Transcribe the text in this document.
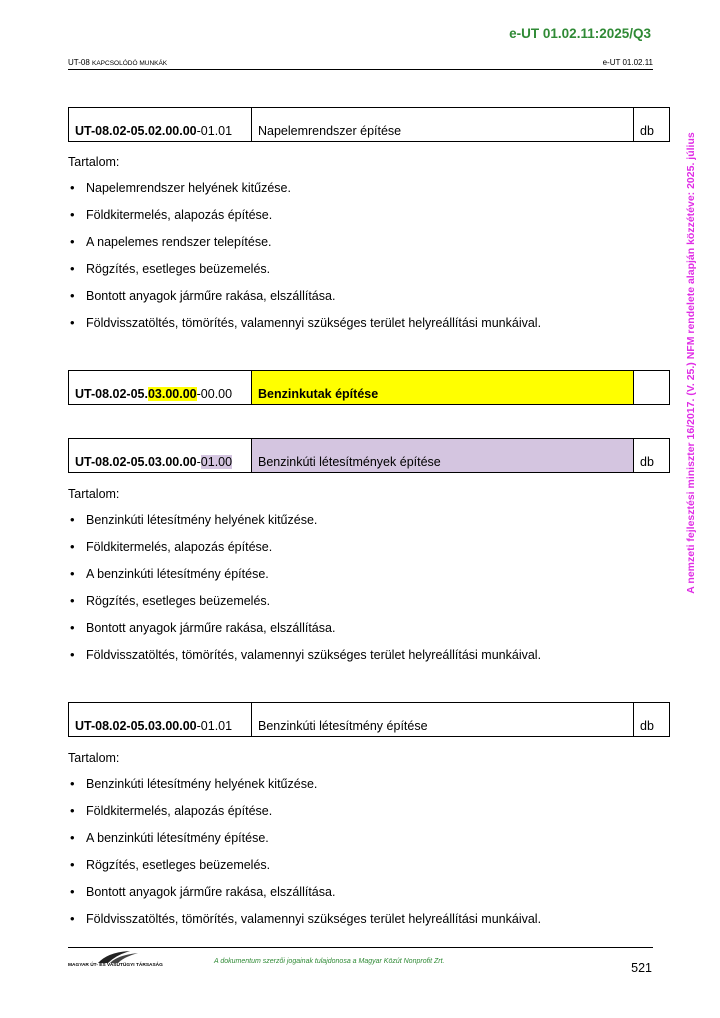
e-UT 01.02.11:2025/Q3
UT-08 KAPCSOLÓDÓ MUNKÁK	e-UT 01.02.11
A nemzeti fejlesztési miniszter 16/2017. (V. 25.) NFM rendelete alapján közzétéve: 2025. július
UT-08.02-05.02.00.00-01.01	Napelemrendszer építése	db
Tartalom:
• Napelemrendszer helyének kitűzése.
• Földkitermelés, alapozás építése.
• A napelemes rendszer telepítése.
• Rögzítés, esetleges beüzemelés.
• Bontott anyagok járműre rakása, elszállítása.
• Földvisszatöltés, tömörítés, valamennyi szükséges terület helyreállítási munkáival.
UT-08.02-05.03.00.00-00.00	Benzinkutak építése	
UT-08.02-05.03.00.00-01.00	Benzinkúti létesítmények építése	db
Tartalom:
• Benzinkúti létesítmény helyének kitűzése.
• Földkitermelés, alapozás építése.
• A benzinkúti létesítmény építése.
• Rögzítés, esetleges beüzemelés.
• Bontott anyagok járműre rakása, elszállítása.
• Földvisszatöltés, tömörítés, valamennyi szükséges terület helyreállítási munkáival.
UT-08.02-05.03.00.00-01.01	Benzinkúti létesítmény építése	db
Tartalom:
• Benzinkúti létesítmény helyének kitűzése.
• Földkitermelés, alapozás építése.
• A benzinkúti létesítmény építése.
• Rögzítés, esetleges beüzemelés.
• Bontott anyagok járműre rakása, elszállítása.
• Földvisszatöltés, tömörítés, valamennyi szükséges terület helyreállítási munkáival.
MAGYAR ÚT- ÉS VASÚTÜGYI TÁRSASÁG
A dokumentum szerzői jogainak tulajdonosa a Magyar Közút Nonprofit Zrt.	521
